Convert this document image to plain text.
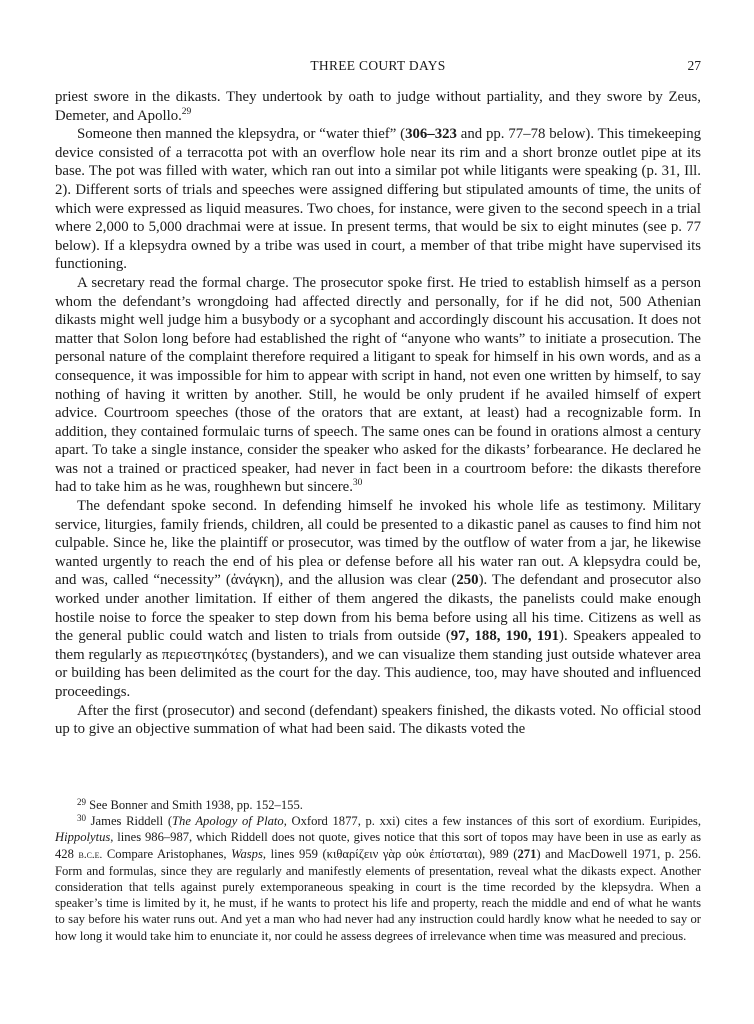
THREE COURT DAYS	27

priest swore in the dikasts. They undertook by oath to judge without partiality, and they swore by Zeus, Demeter, and Apollo.$^{29}$

Someone then manned the klepsydra, or “water thief” (306–323 and pp. 77–78 below). This timekeeping device consisted of a terracotta pot with an overflow hole near its rim and a short bronze outlet pipe at its base. The pot was filled with water, which ran out into a similar pot while litigants were speaking (p. 31, Ill. 2). Different sorts of trials and speeches were assigned differing but stipulated amounts of time, the units of which were expressed as liquid measures. Two choes, for instance, were given to the second speech in a trial where 2,000 to 5,000 drachmai were at issue. In present terms, that would be six to eight minutes (see p. 77 below). If a klepsydra owned by a tribe was used in court, a member of that tribe might have supervised its functioning.

A secretary read the formal charge. The prosecutor spoke first. He tried to establish himself as a person whom the defendant’s wrongdoing had affected directly and personally, for if he did not, 500 Athenian dikasts might well judge him a busybody or a sycophant and accordingly discount his accusation. It does not matter that Solon long before had established the right of “anyone who wants” to initiate a prosecution. The personal nature of the complaint therefore required a litigant to speak for himself in his own words, and as a consequence, it was impossible for him to appear with script in hand, not even one written by himself, to say nothing of having it written by another. Still, he would be only prudent if he availed himself of expert advice. Courtroom speeches (those of the orators that are extant, at least) had a recognizable form. In addition, they contained formulaic turns of speech. The same ones can be found in orations almost a century apart. To take a single instance, consider the speaker who asked for the dikasts’ forbearance. He declared he was not a trained or practiced speaker, had never in fact been in a courtroom before: the dikasts therefore had to take him as he was, roughhewn but sincere.$^{30}$

The defendant spoke second. In defending himself he invoked his whole life as testimony. Military service, liturgies, family friends, children, all could be presented to a dikastic panel as causes to find him not culpable. Since he, like the plaintiff or prosecutor, was timed by the outflow of water from a jar, he likewise wanted urgently to reach the end of his plea or defense before all his water ran out. A klepsydra could be, and was, called “necessity” (ἀνάγκη), and the allusion was clear (250). The defendant and prosecutor also worked under another limitation. If either of them angered the dikasts, the panelists could make enough hostile noise to force the speaker to step down from his bema before using all his time. Citizens as well as the general public could watch and listen to trials from outside (97, 188, 190, 191). Speakers appealed to them regularly as περιεστηκότες (bystanders), and we can visualize them standing just outside whatever area or building has been delimited as the court for the day. This audience, too, may have shouted and influenced proceedings.

After the first (prosecutor) and second (defendant) speakers finished, the dikasts voted. No official stood up to give an objective summation of what had been said. The dikasts voted the

$^{29}$ See Bonner and Smith 1938, pp. 152–155.

$^{30}$ James Riddell (The Apology of Plato, Oxford 1877, p. xxi) cites a few instances of this sort of exordium. Euripides, Hippolytus, lines 986–987, which Riddell does not quote, gives notice that this sort of topos may have been in use as early as 428 b.c.e. Compare Aristophanes, Wasps, lines 959 (κιθαρίζειν γὰρ οὐκ ἐπίσταται), 989 (271) and MacDowell 1971, p. 256. Form and formulas, since they are regularly and manifestly elements of presentation, reveal what the dikasts expect. Another consideration that tells against purely extemporaneous speaking in court is the time recorded by the klepsydra. When a speaker’s time is limited by it, he must, if he wants to protect his life and property, reach the middle and end of what he wants to say before his water runs out. And yet a man who had never had any instruction could hardly know what he needed to say or how long it would take him to enunciate it, nor could he assess degrees of irrelevance when time was measured and precious.
